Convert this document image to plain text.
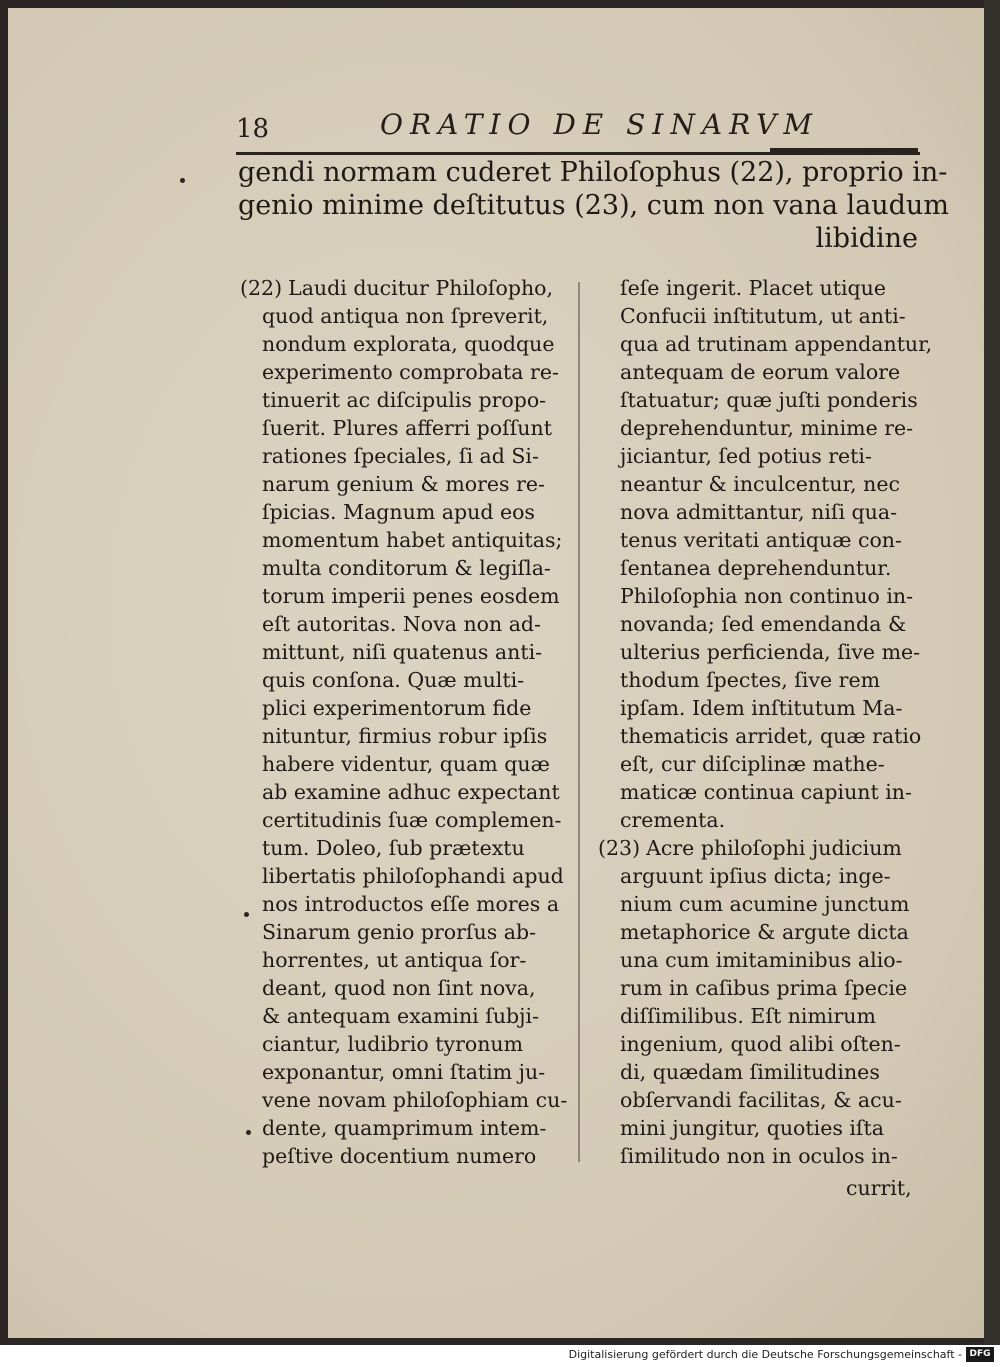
18	ORATIO DE SINARVM
gendi normam cuderet Philoſophus (22), proprio in-
genio minime deſtitutus (23), cum non vana laudum
libidine
(22) Laudi ducitur Philoſopho,
quod antiqua non ſpreverit,
nondum explorata, quodque
experimento comprobata re-
tinuerit ac diſcipulis propo-
ſuerit. Plures afferri poſſunt
rationes ſpeciales, ſi ad Si-
narum genium & mores re-
ſpicias. Magnum apud eos
momentum habet antiquitas;
multa conditorum & legiſla-
torum imperii penes eosdem
eſt autoritas. Nova non ad-
mittunt, niſi quatenus anti-
quis conſona. Quæ multi-
plici experimentorum fide
nituntur, firmius robur ipſis
habere videntur, quam quæ
ab examine adhuc expectant
certitudinis ſuæ complemen-
tum. Doleo, ſub prætextu
libertatis philoſophandi apud
nos introductos eſſe mores a
Sinarum genio prorſus ab-
horrentes, ut antiqua ſor-
deant, quod non ſint nova,
& antequam examini ſubji-
ciantur, ludibrio tyronum
exponantur, omni ſtatim ju-
vene novam philoſophiam cu-
dente, quamprimum intem-
peſtive docentium numero
ſeſe ingerit. Placet utique
Confucii inſtitutum, ut anti-
qua ad trutinam appendantur,
antequam de eorum valore
ſtatuatur; quæ juſti ponderis
deprehenduntur, minime re-
jiciantur, ſed potius reti-
neantur & inculcentur, nec
nova admittantur, niſi qua-
tenus veritati antiquæ con-
ſentanea deprehenduntur.
Philoſophia non continuo in-
novanda; ſed emendanda &
ulterius perficienda, ſive me-
thodum ſpectes, ſive rem
ipſam. Idem inſtitutum Ma-
thematicis arridet, quæ ratio
eſt, cur diſciplinæ mathe-
maticæ continua capiunt in-
crementa.
(23) Acre philoſophi judicium
arguunt ipſius dicta; inge-
nium cum acumine junctum
metaphorice & argute dicta
una cum imitaminibus alio-
rum in caſibus prima ſpecie
diſſimilibus. Eſt nimirum
ingenium, quod alibi oſten-
di, quædam ſimilitudines
obſervandi facilitas, & acu-
mini jungitur, quoties iſta
ſimilitudo non in oculos in-
currit,
Digitalisierung gefördert durch die Deutsche Forschungsgemeinschaft - DFG
